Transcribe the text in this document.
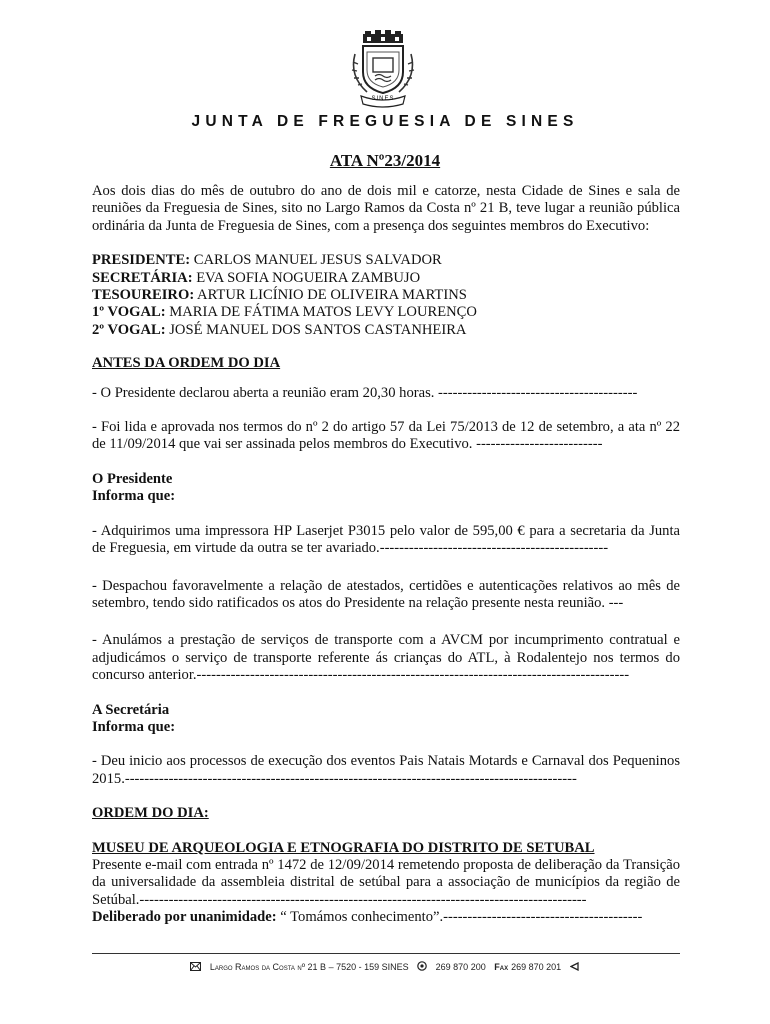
SINES
JUNTA DE FREGUESIA DE SINES
ATA Nº23/2014

Aos dois dias do mês de outubro do ano de dois mil e catorze, nesta Cidade de Sines e sala de reuniões da Freguesia de Sines, sito no Largo Ramos da Costa nº 21 B, teve lugar a reunião pública ordinária da Junta de Freguesia de Sines, com a presença dos seguintes membros do Executivo:

PRESIDENTE: CARLOS MANUEL JESUS SALVADOR
SECRETÁRIA: EVA SOFIA NOGUEIRA ZAMBUJO
TESOUREIRO: ARTUR LICÍNIO DE OLIVEIRA MARTINS
1º VOGAL: MARIA DE FÁTIMA MATOS LEVY LOURENÇO
2º VOGAL: JOSÉ MANUEL DOS SANTOS CASTANHEIRA

ANTES DA ORDEM DO DIA

- O Presidente declarou aberta a reunião eram 20,30 horas. -----------------------------------------

- Foi lida e aprovada nos termos do nº 2 do artigo 57 da Lei 75/2013 de 12 de setembro, a ata nº 22 de 11/09/2014 que vai ser assinada pelos membros do Executivo. --------------------------

O Presidente

Informa que:

- Adquirimos uma impressora HP Laserjet P3015 pelo valor de 595,00 € para a secretaria da Junta de Freguesia, em virtude da outra se ter avariado.-----------------------------------------------

- Despachou favoravelmente a relação de atestados, certidões e autenticações relativos ao mês de setembro, tendo sido ratificados os atos do Presidente na relação presente nesta reunião. ---

- Anulámos a prestação de serviços de transporte com a AVCM por incumprimento contratual e adjudicámos o serviço de transporte referente ás crianças do ATL, à Rodalentejo nos termos do concurso anterior.-----------------------------------------------------------------------------------------

A Secretária

Informa que:

- Deu inicio aos processos de execução dos eventos Pais Natais Motards e Carnaval dos Pequeninos 2015.---------------------------------------------------------------------------------------------

ORDEM DO DIA:

MUSEU DE ARQUEOLOGIA E ETNOGRAFIA DO DISTRITO DE SETUBAL

Presente e-mail com entrada nº 1472 de 12/09/2014 remetendo proposta de deliberação da Transição da universalidade da assembleia distrital de setúbal para a associação de municípios da região de Setúbal.--------------------------------------------------------------------------------------------

Deliberado por unanimidade: “ Tomámos conhecimento”.-----------------------------------------

Largo Ramos da Costa nº 21 B – 7520 - 159 SINES	269 870 200 Fax 269 870 201
